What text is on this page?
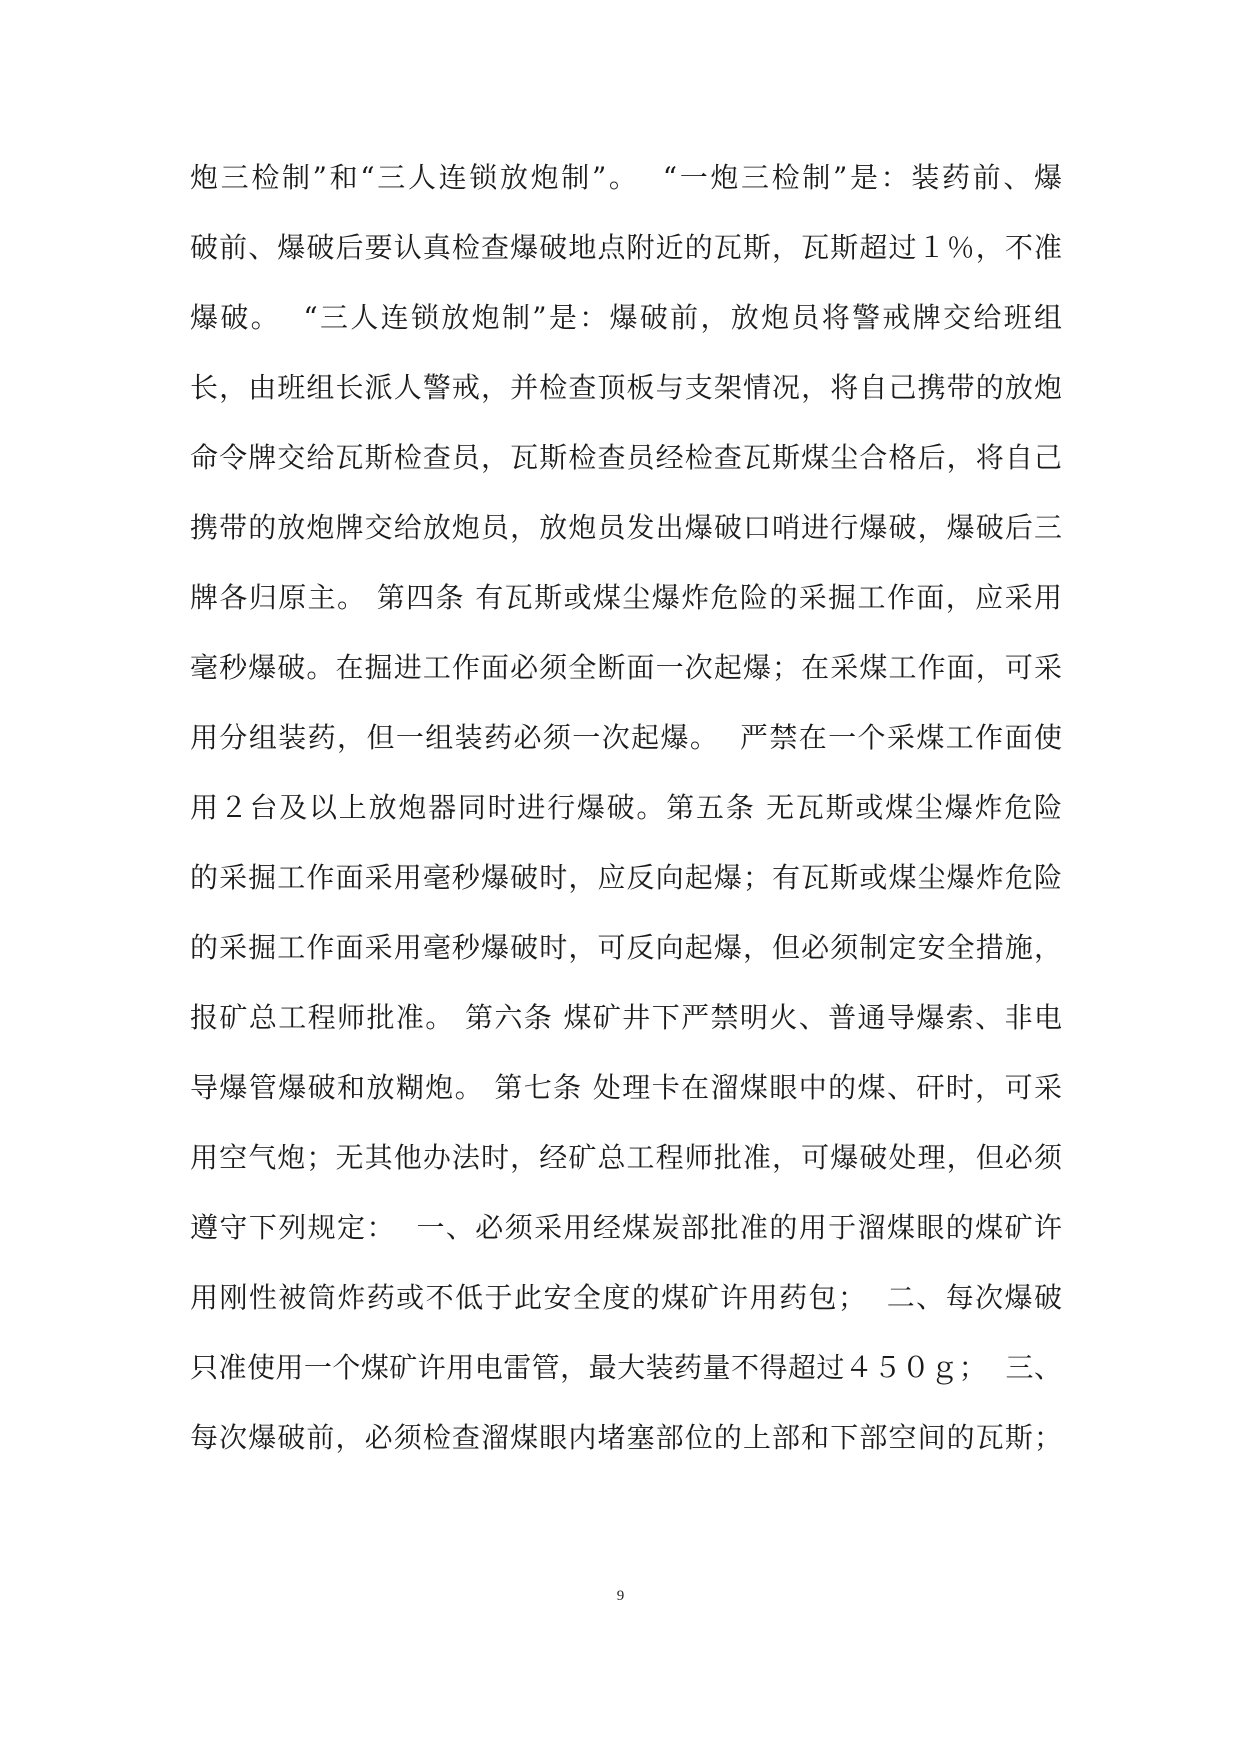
炮三检制”和“三人连锁放炮制”。  “一炮三检制”是：装药前、爆
破前、爆破后要认真检查爆破地点附近的瓦斯，瓦斯超过１％，不准
爆破。  “三人连锁放炮制”是：爆破前，放炮员将警戒牌交给班组
长，由班组长派人警戒，并检查顶板与支架情况，将自己携带的放炮
命令牌交给瓦斯检查员，瓦斯检查员经检查瓦斯煤尘合格后，将自己
携带的放炮牌交给放炮员，放炮员发出爆破口哨进行爆破，爆破后三
牌各归原主。 第四条 有瓦斯或煤尘爆炸危险的采掘工作面，应采用
毫秒爆破。在掘进工作面必须全断面一次起爆；在采煤工作面，可采
用分组装药，但一组装药必须一次起爆。  严禁在一个采煤工作面使
用２台及以上放炮器同时进行爆破。第五条 无瓦斯或煤尘爆炸危险
的采掘工作面采用毫秒爆破时，应反向起爆；有瓦斯或煤尘爆炸危险
的采掘工作面采用毫秒爆破时，可反向起爆，但必须制定安全措施，
报矿总工程师批准。 第六条 煤矿井下严禁明火、普通导爆索、非电
导爆管爆破和放糊炮。 第七条 处理卡在溜煤眼中的煤、矸时，可采
用空气炮；无其他办法时，经矿总工程师批准，可爆破处理，但必须
遵守下列规定：  一、必须采用经煤炭部批准的用于溜煤眼的煤矿许
用刚性被筒炸药或不低于此安全度的煤矿许用药包；  二、每次爆破
只准使用一个煤矿许用电雷管，最大装药量不得超过４５０ｇ；  三、
每次爆破前，必须检查溜煤眼内堵塞部位的上部和下部空间的瓦斯；
9
